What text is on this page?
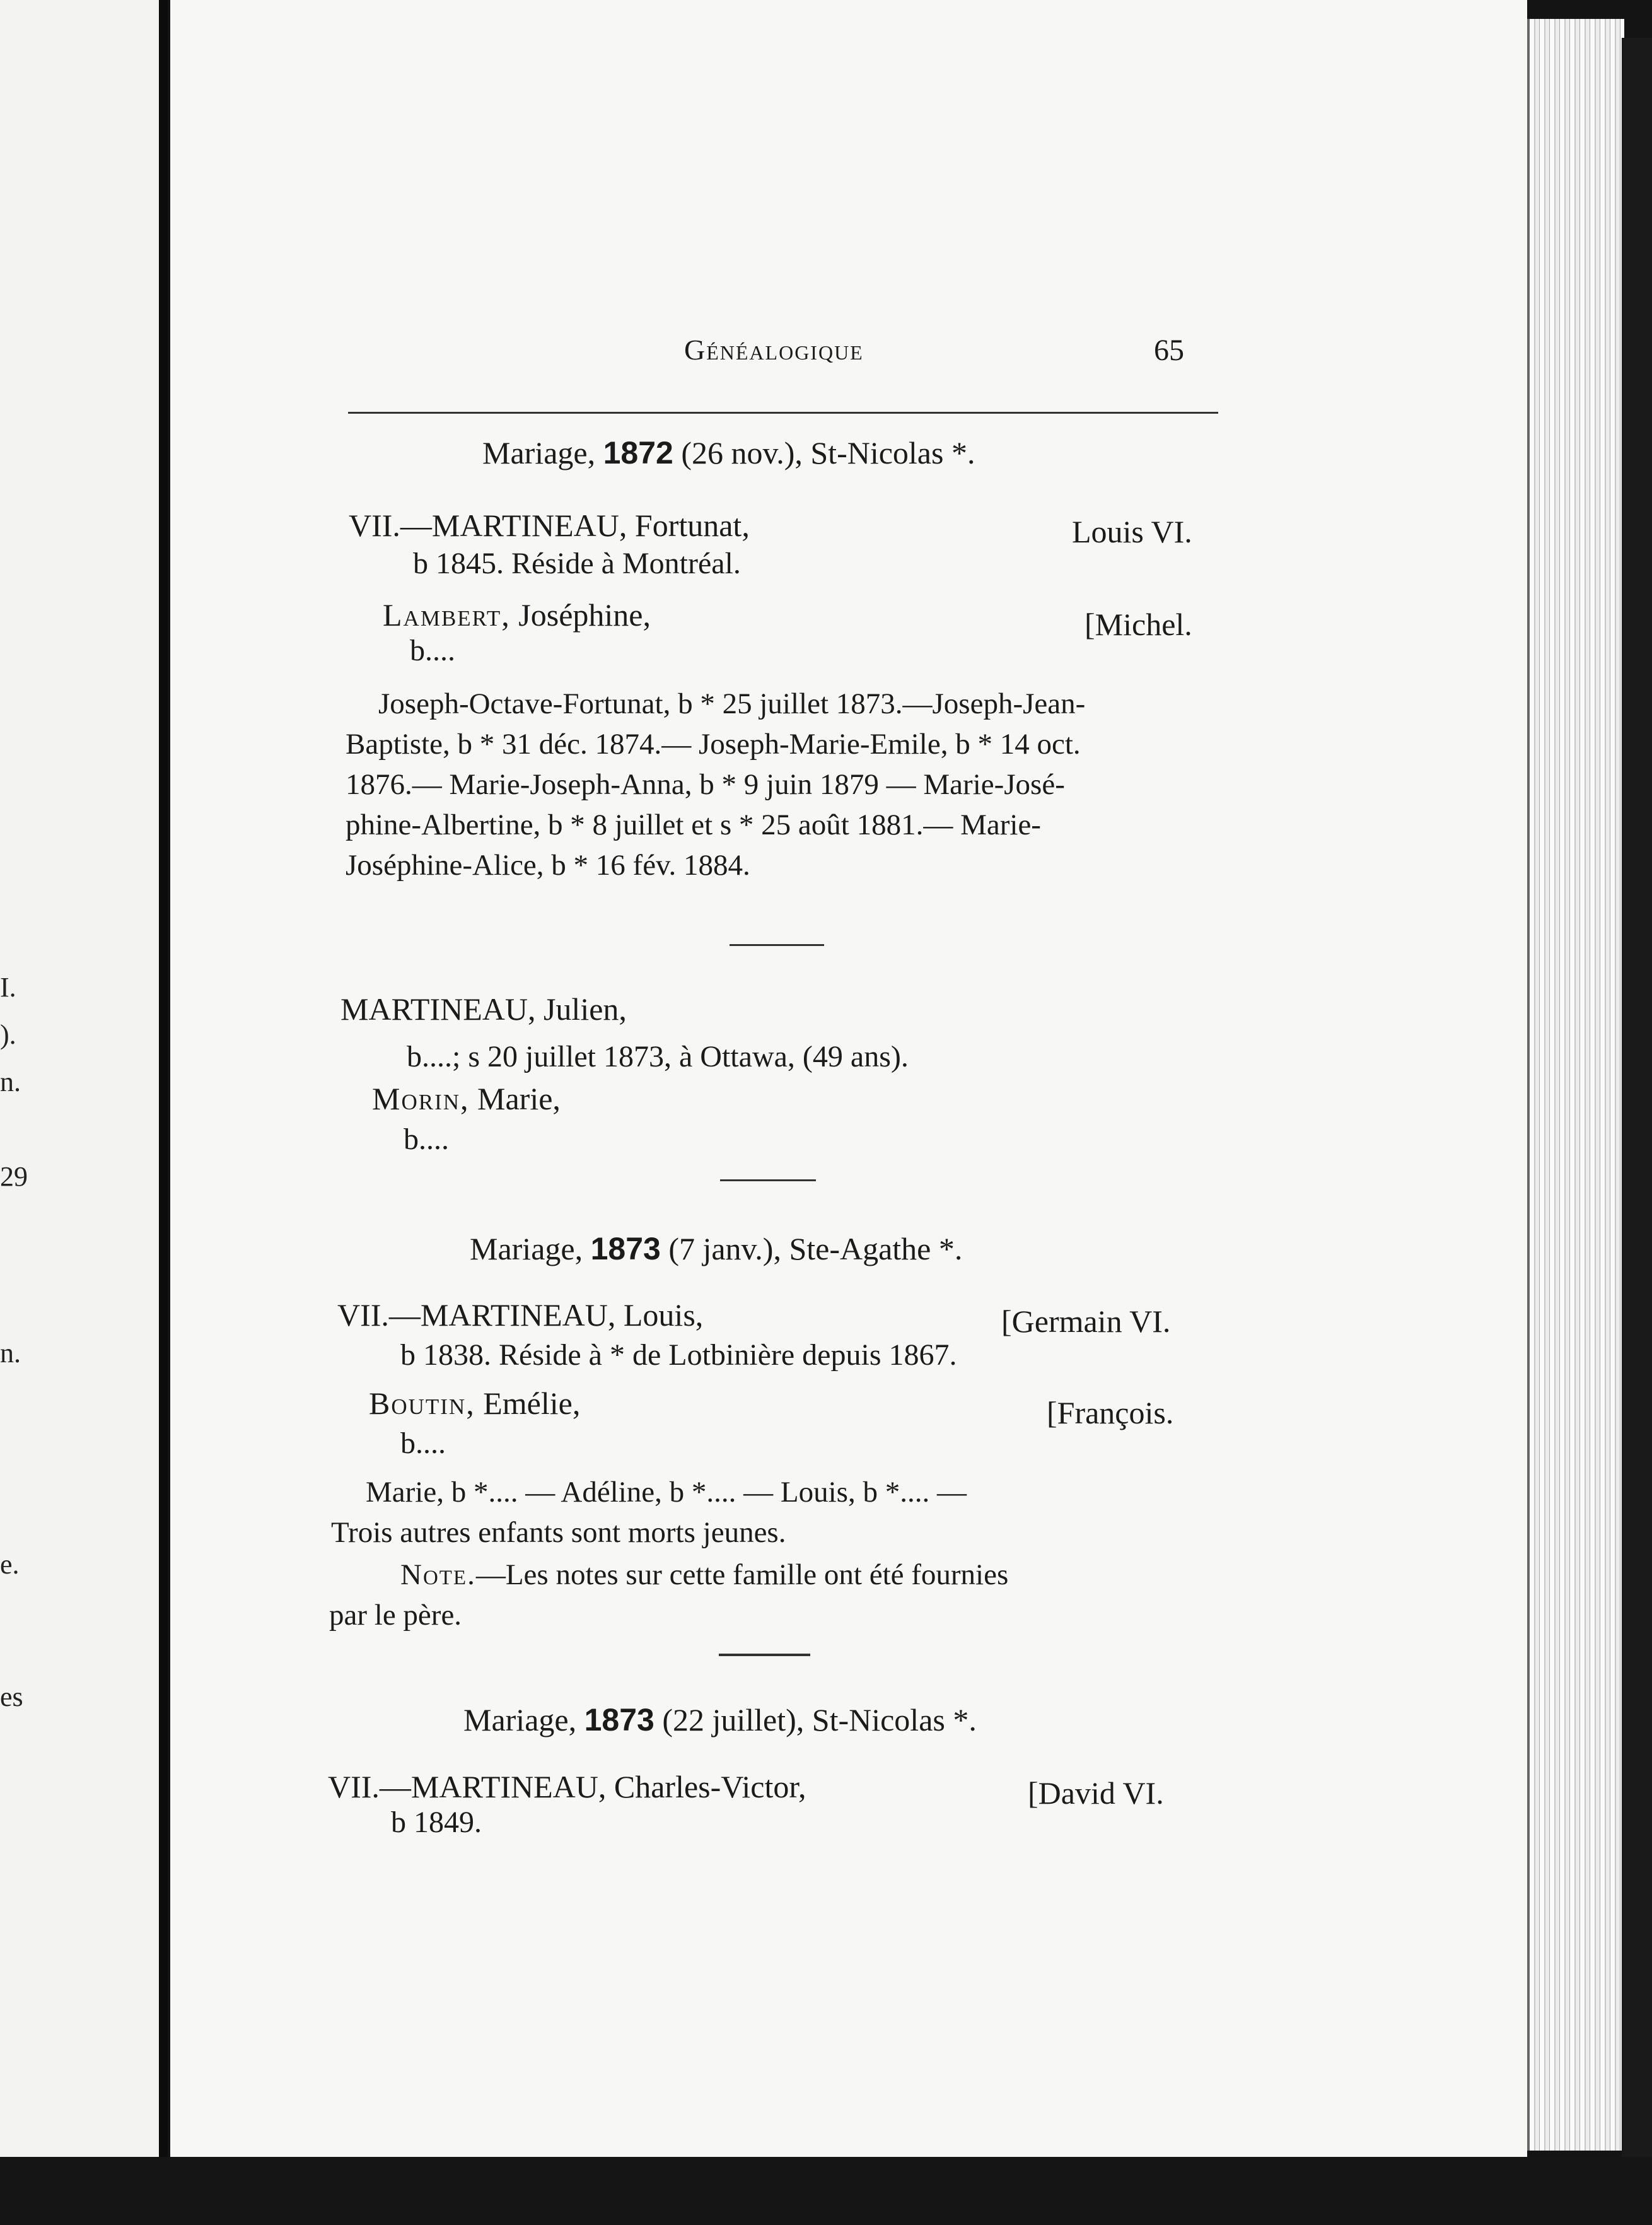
I.
).
n.
29
n.
e.
es
Généalogique	65
Mariage, 1872 (26 nov.), St-Nicolas *.
VII.—MARTINEAU, Fortunat,	Louis VI.
b 1845. Réside à Montréal.
Lambert, Joséphine,	[Michel.
b....
Joseph-Octave-Fortunat, b * 25 juillet 1873.—Joseph-Jean-
Baptiste, b * 31 déc. 1874.— Joseph-Marie-Emile, b * 14 oct.
1876.— Marie-Joseph-Anna, b * 9 juin 1879 — Marie-José-
phine-Albertine, b * 8 juillet et s * 25 août 1881.— Marie-
Joséphine-Alice, b * 16 fév. 1884.
MARTINEAU, Julien,
b....; s 20 juillet 1873, à Ottawa, (49 ans).
Morin, Marie,
b....
Mariage, 1873 (7 janv.), Ste-Agathe *.
VII.—MARTINEAU, Louis,	[Germain VI.
b 1838. Réside à * de Lotbinière depuis 1867.
Boutin, Emélie,	[François.
b....
Marie, b *.... — Adéline, b *.... — Louis, b *.... —
Trois autres enfants sont morts jeunes.
Note.—Les notes sur cette famille ont été fournies
par le père.
Mariage, 1873 (22 juillet), St-Nicolas *.
VII.—MARTINEAU, Charles-Victor,	[David VI.
b 1849.
